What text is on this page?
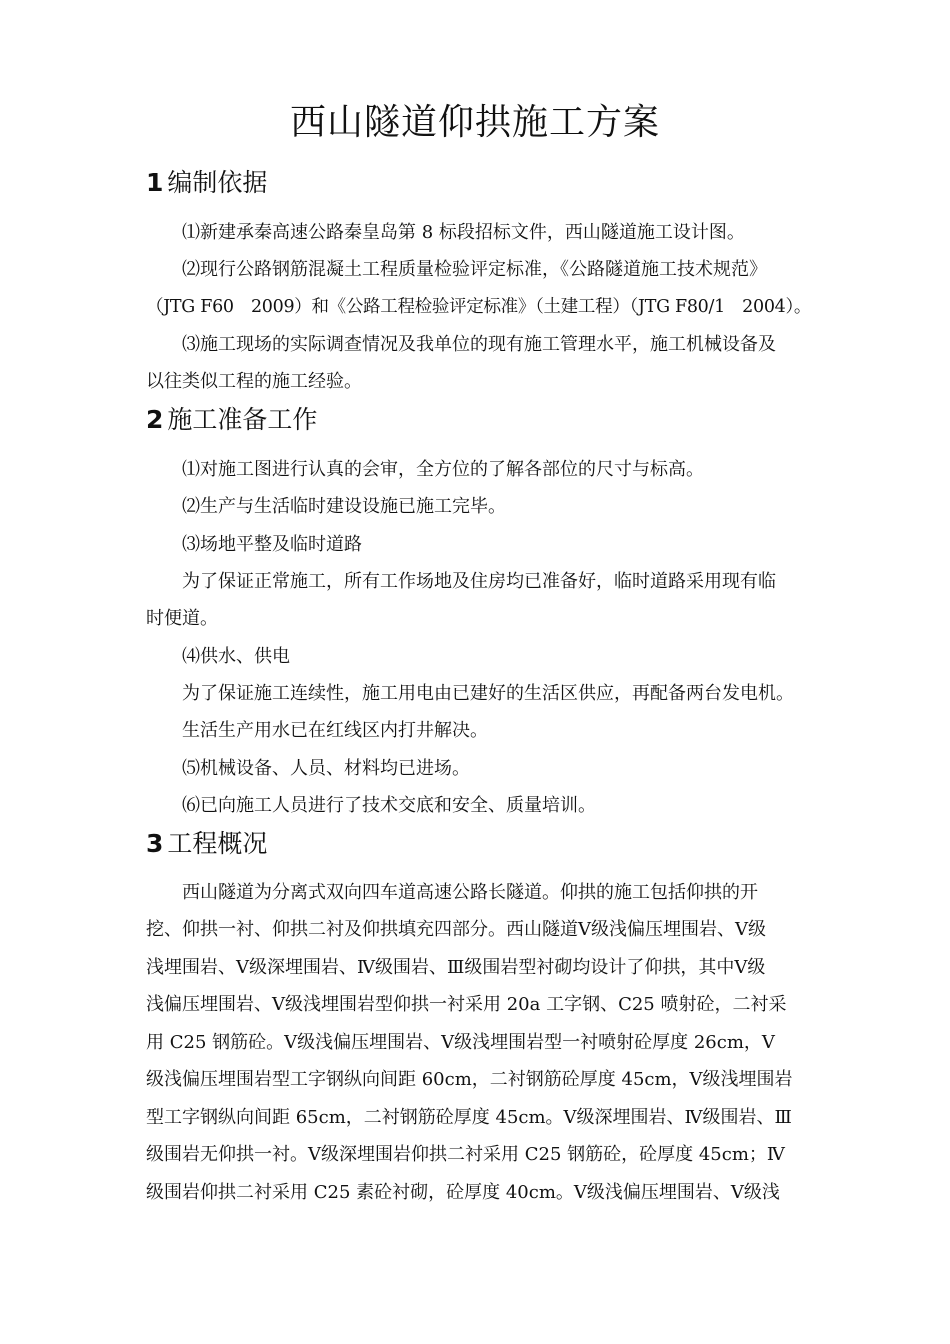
西山隧道仰拱施工方案
1 编制依据

⑴新建承秦高速公路秦皇岛第 8 标段招标文件，西山隧道施工设计图。

⑵现行公路钢筋混凝土工程质量检验评定标准，《公路隧道施工技术规范》

（JTG F60　2009）和《公路工程检验评定标准》（土建工程）（JTG F80/1　2004）。

⑶施工现场的实际调查情况及我单位的现有施工管理水平，施工机械设备及

以往类似工程的施工经验。

2 施工准备工作

⑴对施工图进行认真的会审，全方位的了解各部位的尺寸与标高。

⑵生产与生活临时建设设施已施工完毕。

⑶场地平整及临时道路

为了保证正常施工，所有工作场地及住房均已准备好，临时道路采用现有临

时便道。

⑷供水、供电

为了保证施工连续性，施工用电由已建好的生活区供应，再配备两台发电机。

生活生产用水已在红线区内打井解决。

⑸机械设备、人员、材料均已进场。

⑹已向施工人员进行了技术交底和安全、质量培训。

3 工程概况

西山隧道为分离式双向四车道高速公路长隧道。仰拱的施工包括仰拱的开

挖、仰拱一衬、仰拱二衬及仰拱填充四部分。西山隧道Ⅴ级浅偏压埋围岩、Ⅴ级

浅埋围岩、Ⅴ级深埋围岩、Ⅳ级围岩、Ⅲ级围岩型衬砌均设计了仰拱，其中Ⅴ级

浅偏压埋围岩、Ⅴ级浅埋围岩型仰拱一衬采用 20a 工字钢、C25 喷射砼，二衬采

用 C25 钢筋砼。Ⅴ级浅偏压埋围岩、Ⅴ级浅埋围岩型一衬喷射砼厚度 26cm，Ⅴ

级浅偏压埋围岩型工字钢纵向间距 60cm，二衬钢筋砼厚度 45cm，Ⅴ级浅埋围岩

型工字钢纵向间距 65cm，二衬钢筋砼厚度 45cm。Ⅴ级深埋围岩、Ⅳ级围岩、Ⅲ

级围岩无仰拱一衬。Ⅴ级深埋围岩仰拱二衬采用 C25 钢筋砼，砼厚度 45cm；Ⅳ

级围岩仰拱二衬采用 C25 素砼衬砌，砼厚度 40cm。Ⅴ级浅偏压埋围岩、Ⅴ级浅
